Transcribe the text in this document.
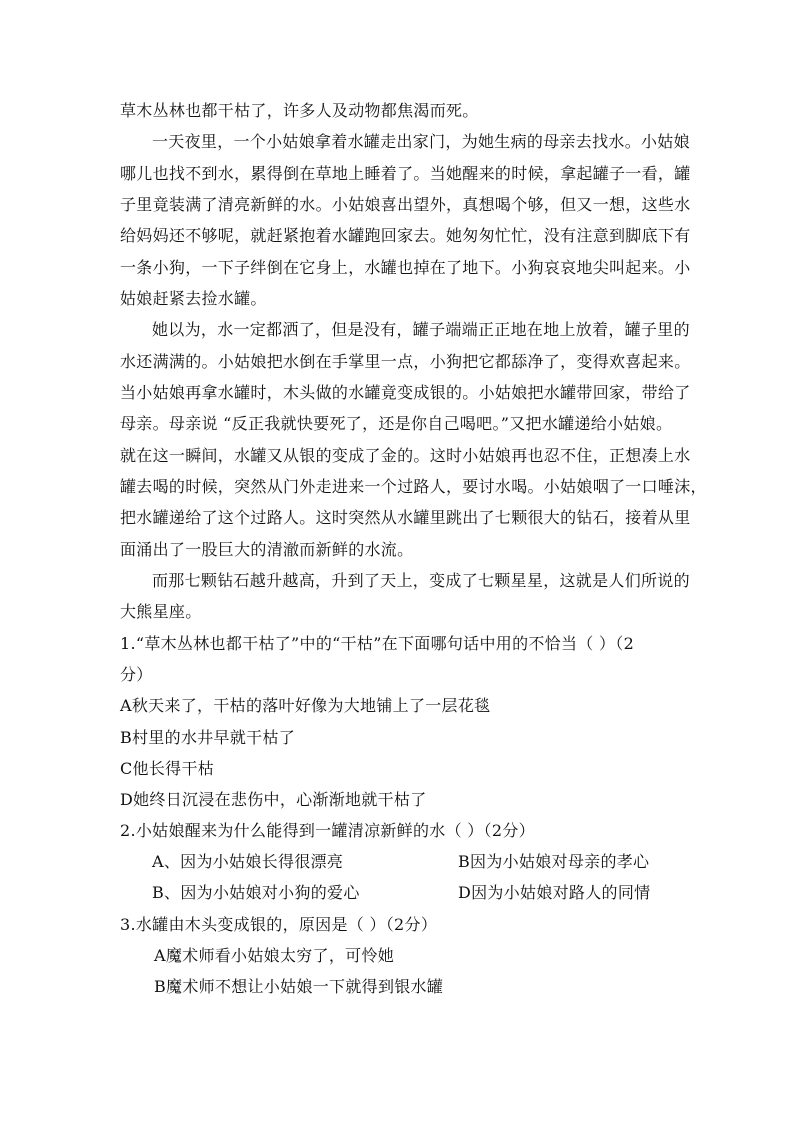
草木丛林也都干枯了，许多人及动物都焦渴而死。
一天夜里，一个小姑娘拿着水罐走出家门，为她生病的母亲去找水。小姑娘
哪儿也找不到水，累得倒在草地上睡着了。当她醒来的时候，拿起罐子一看，罐
子里竟装满了清亮新鲜的水。小姑娘喜出望外，真想喝个够，但又一想，这些水
给妈妈还不够呢，就赶紧抱着水罐跑回家去。她匆匆忙忙，没有注意到脚底下有
一条小狗，一下子绊倒在它身上，水罐也掉在了地下。小狗哀哀地尖叫起来。小
姑娘赶紧去捡水罐。
她以为，水一定都洒了，但是没有，罐子端端正正地在地上放着，罐子里的
水还满满的。小姑娘把水倒在手掌里一点，小狗把它都舔净了，变得欢喜起来。
当小姑娘再拿水罐时，木头做的水罐竟变成银的。小姑娘把水罐带回家，带给了
母亲。母亲说 “反正我就快要死了，还是你自己喝吧。”又把水罐递给小姑娘。
就在这一瞬间，水罐又从银的变成了金的。这时小姑娘再也忍不住，正想凑上水
罐去喝的时候，突然从门外走进来一个过路人，要讨水喝。小姑娘咽了一口唾沫，
把水罐递给了这个过路人。这时突然从水罐里跳出了七颗很大的钻石，接着从里
面涌出了一股巨大的清澈而新鲜的水流。
而那七颗钻石越升越高，升到了天上，变成了七颗星星，这就是人们所说的
大熊星座。
1.“草木丛林也都干枯了”中的“干枯”在下面哪句话中用的不恰当（ ）（2
分）
A秋天来了，干枯的落叶好像为大地铺上了一层花毯
B村里的水井早就干枯了
C他长得干枯
D她终日沉浸在悲伤中，心渐渐地就干枯了
2.小姑娘醒来为什么能得到一罐清凉新鲜的水（ ）（2分）
A、因为小姑娘长得很漂亮	B因为小姑娘对母亲的孝心
B、因为小姑娘对小狗的爱心	D因为小姑娘对路人的同情
3.水罐由木头变成银的，原因是（ ）（2分）
A魔术师看小姑娘太穷了，可怜她
B魔术师不想让小姑娘一下就得到银水罐
